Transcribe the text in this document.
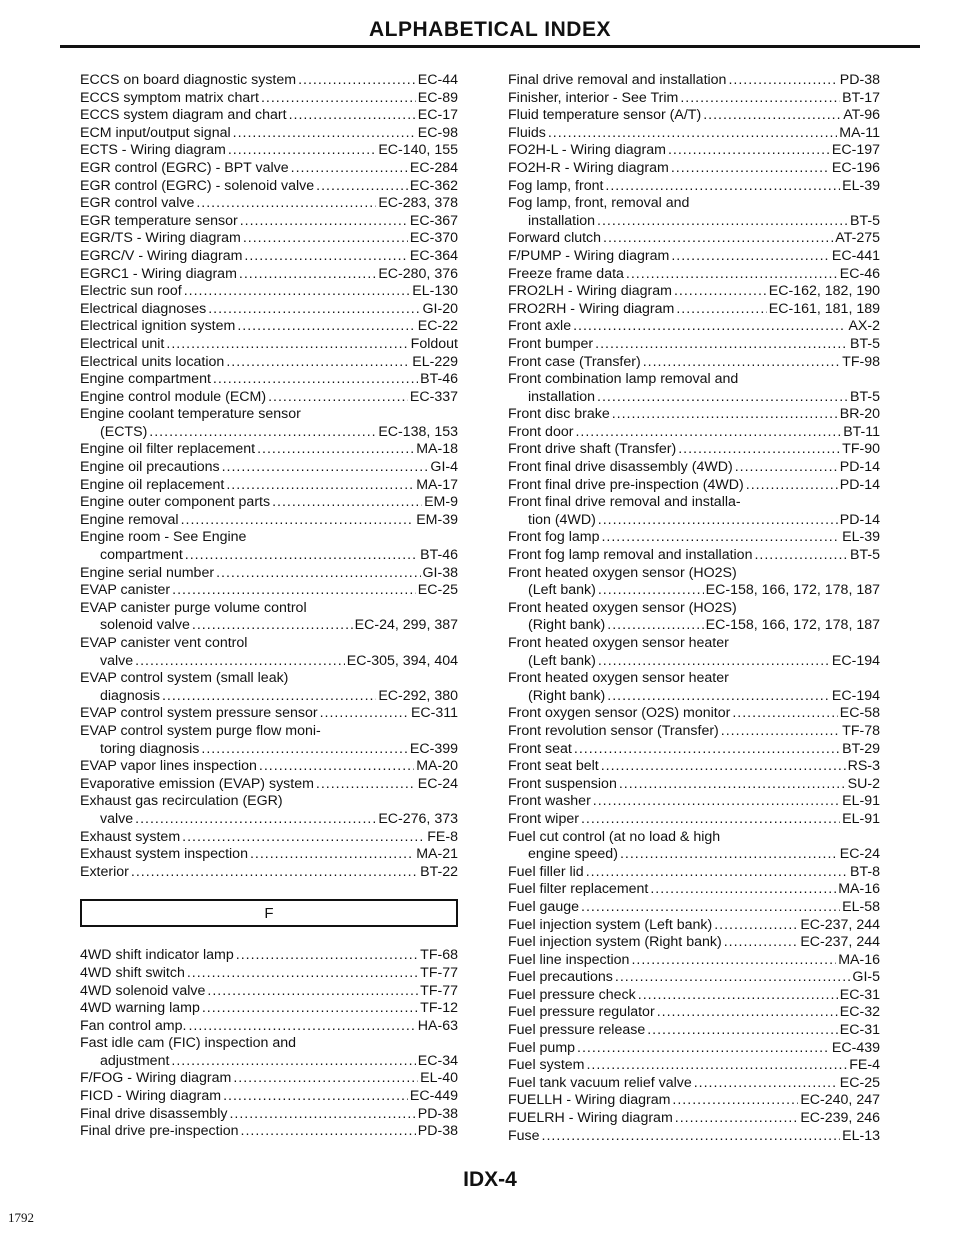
ALPHABETICAL INDEX
ECCS on board diagnostic system .....	EC-44
ECCS symptom matrix chart .....	EC-89
ECCS system diagram and chart .....	EC-17
ECM input/output signal .....	EC-98
ECTS - Wiring diagram .....	EC-140, 155
EGR control (EGRC) - BPT valve .....	EC-284
EGR control (EGRC) - solenoid valve .....	EC-362
EGR control valve .....	EC-283, 378
EGR temperature sensor .....	EC-367
EGR/TS - Wiring diagram .....	EC-370
EGRC/V - Wiring diagram .....	EC-364
EGRC1 - Wiring diagram .....	EC-280, 376
Electric sun roof .....	EL-130
Electrical diagnoses .....	GI-20
Electrical ignition system .....	EC-22
Electrical unit .....	Foldout
Electrical units location .....	EL-229
Engine compartment .....	BT-46
Engine control module (ECM) .....	EC-337
Engine coolant temperature sensor
(ECTS) .....	EC-138, 153
Engine oil filter replacement .....	MA-18
Engine oil precautions .....	GI-4
Engine oil replacement .....	MA-17
Engine outer component parts .....	EM-9
Engine removal .....	EM-39
Engine room - See Engine
compartment .....	BT-46
Engine serial number .....	GI-38
EVAP canister .....	EC-25
EVAP canister purge volume control
solenoid valve .....	EC-24, 299, 387
EVAP canister vent control
valve .....	EC-305, 394, 404
EVAP control system (small leak)
diagnosis .....	EC-292, 380
EVAP control system pressure sensor .....	EC-311
EVAP control system purge flow moni-
toring diagnosis .....	EC-399
EVAP vapor lines inspection .....	MA-20
Evaporative emission (EVAP) system .....	EC-24
Exhaust gas recirculation (EGR)
valve .....	EC-276, 373
Exhaust system .....	FE-8
Exhaust system inspection .....	MA-21
Exterior .....	BT-22
F
4WD shift indicator lamp .....	TF-68
4WD shift switch .....	TF-77
4WD solenoid valve .....	TF-77
4WD warning lamp .....	TF-12
Fan control amp. .....	HA-63
Fast idle cam (FIC) inspection and
adjustment .....	EC-34
F/FOG - Wiring diagram .....	EL-40
FICD - Wiring diagram .....	EC-449
Final drive disassembly .....	PD-38
Final drive pre-inspection .....	PD-38
Final drive removal and installation .....	PD-38
Finisher, interior - See Trim .....	BT-17
Fluid temperature sensor (A/T) .....	AT-96
Fluids .....	MA-11
FO2H-L - Wiring diagram .....	EC-197
FO2H-R - Wiring diagram .....	EC-196
Fog lamp, front .....	EL-39
Fog lamp, front, removal and
installation .....	BT-5
Forward clutch .....	AT-275
F/PUMP - Wiring diagram .....	EC-441
Freeze frame data .....	EC-46
FRO2LH - Wiring diagram .....	EC-162, 182, 190
FRO2RH - Wiring diagram .....	EC-161, 181, 189
Front axle .....	AX-2
Front bumper .....	BT-5
Front case (Transfer) .....	TF-98
Front combination lamp removal and
installation .....	BT-5
Front disc brake .....	BR-20
Front door .....	BT-11
Front drive shaft (Transfer) .....	TF-90
Front final drive disassembly (4WD) .....	PD-14
Front final drive pre-inspection (4WD) .....	PD-14
Front final drive removal and installa-
tion (4WD) .....	PD-14
Front fog lamp .....	EL-39
Front fog lamp removal and installation .....	BT-5
Front heated oxygen sensor (HO2S)
(Left bank) .....	EC-158, 166, 172, 178, 187
Front heated oxygen sensor (HO2S)
(Right bank) .....	EC-158, 166, 172, 178, 187
Front heated oxygen sensor heater
(Left bank) .....	EC-194
Front heated oxygen sensor heater
(Right bank) .....	EC-194
Front oxygen sensor (O2S) monitor .....	EC-58
Front revolution sensor (Transfer) .....	TF-78
Front seat .....	BT-29
Front seat belt .....	RS-3
Front suspension .....	SU-2
Front washer .....	EL-91
Front wiper .....	EL-91
Fuel cut control (at no load & high
engine speed) .....	EC-24
Fuel filler lid .....	BT-8
Fuel filter replacement .....	MA-16
Fuel gauge .....	EL-58
Fuel injection system (Left bank) .....	EC-237, 244
Fuel injection system (Right bank) .....	EC-237, 244
Fuel line inspection .....	MA-16
Fuel precautions .....	GI-5
Fuel pressure check .....	EC-31
Fuel pressure regulator .....	EC-32
Fuel pressure release .....	EC-31
Fuel pump .....	EC-439
Fuel system .....	FE-4
Fuel tank vacuum relief valve .....	EC-25
FUELLH - Wiring diagram .....	EC-240, 247
FUELRH - Wiring diagram .....	EC-239, 246
Fuse .....	EL-13
IDX-4
1792
